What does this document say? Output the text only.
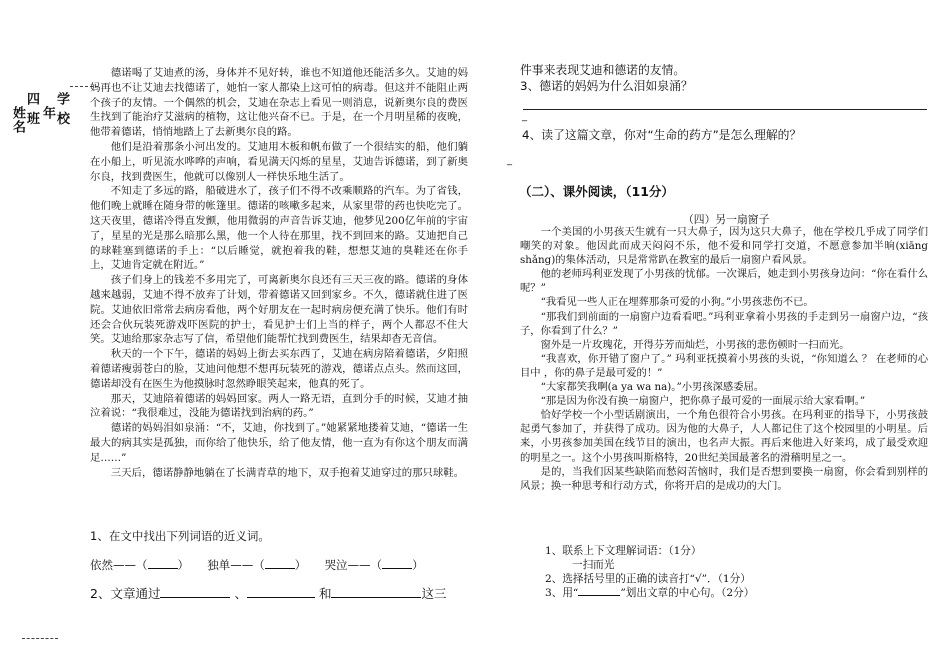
学 校
年
四 班
姓名

德诺喝了艾迪煮的汤，身体并不见好转，谁也不知道他还能活多久。艾迪的妈妈再也不让艾迪去找德诺了，她怕一家人都染上这可怕的病毒。但这并不能阻止两个孩子的友情。一个偶然的机会，艾迪在杂志上看见一则消息，说新奥尔良的费医生找到了能治疗艾滋病的植物，这让他兴奋不已。于是，在一个月明星稀的夜晚，他带着德诺，悄悄地踏上了去新奥尔良的路。

他们是沿着那条小河出发的。艾迪用木板和帆布做了一个很结实的船，他们躺在小船上，听见流水哗哗的声响，看见满天闪烁的星星，艾迪告诉德诺，到了新奥尔良，找到费医生，他就可以像别人一样快乐地生活了。

不知走了多远的路，船破进水了，孩子们不得不改乘顺路的汽车。为了省钱，他们晚上就睡在随身带的帐篷里。德诺的咳嗽多起来，从家里带的药也快吃完了。这天夜里，德诺冷得直发颤，他用微弱的声音告诉艾迪，他梦见200亿年前的宇宙了，星星的光是那么暗那么黑，他一个人待在那里，找不到回来的路。艾迪把自己的球鞋塞到德诺的手上：“以后睡觉，就抱着我的鞋，想想艾迪的臭鞋还在你手上，艾迪肯定就在附近。”

孩子们身上的钱差不多用完了，可离新奥尔良还有三天三夜的路。德诺的身体越来越弱，艾迪不得不放弃了计划，带着德诺又回到家乡。不久，德诺就住进了医院。艾迪依旧常常去病房看他，两个好朋友在一起时病房便充满了快乐。他们有时还会合伙玩装死游戏吓医院的护士，看见护士们上当的样子，两个人都忍不住大笑。艾迪给那家杂志写了信，希望他们能帮忙找到费医生，结果却杳无音信。

秋天的一个下午，德诺的妈妈上街去买东西了，艾迪在病房陪着德诺，夕阳照着德诺瘦弱苍白的脸，艾迪问他想不想再玩装死的游戏，德诺点点头。然而这回，德诺却没有在医生为他摸脉时忽然睁眼笑起来，他真的死了。

那天，艾迪陪着德诺的妈妈回家。两人一路无语，直到分手的时候，艾迪才抽泣着说：“我很难过，没能为德诺找到治病的药。”

德诺的妈妈泪如泉涌：“不，艾迪，你找到了。”她紧紧地搂着艾迪，“德诺一生最大的病其实是孤独，而你给了他快乐，给了他友情，他一直为有你这个朋友而满足……”

三天后，德诺静静地躺在了长满青草的地下，双手抱着艾迪穿过的那只球鞋。

1、在文中找出下列词语的近义词。
依然——（	） 独单——（	） 哭泣——（	）
2、文章通过	、	和	这三

件事来表现艾迪和德诺的友情。

3、德诺的妈妈为什么泪如泉涌？

_
4、读了这篇文章，你对“生命的药方”是怎么理解的？
_
（二）、课外阅读，（11分）
（四）另一扇窗子

一个美国的小男孩天生就有一只大鼻子，因为这只大鼻子，他在学校几乎成了同学们嘲笑的对象。他因此而成天闷闷不乐，他不爱和同学打交道，不愿意参加半晌(xiāng shǎng)的集体活动，只是常常趴在教室的最后一扇窗户看风景。

他的老师玛利亚发现了小男孩的忧郁。一次课后，她走到小男孩身边问：“你在看什么呢？”

“我看见一些人正在埋葬那条可爱的小狗。”小男孩悲伤不已。

“那我们到前面的一扇窗户边看看吧。”玛利亚拿着小男孩的手走到另一扇窗户边，“孩子，你看到了什么？”

窗外是一片玫瑰花，开得芬芳而灿烂，小男孩的悲伤顿时一扫而光。

“我喜欢，你开错了窗户了。” 玛利亚抚摸着小男孩的头说，“你知道么 ？ 在老师的心目中 ，你的鼻子是最可爱的！”

“大家都笑我啊(a ya wa na)。”小男孩深感委屈。

“那是因为你没有换一扇窗户，把你鼻子最可爱的一面展示给大家看啊。”

恰好学校一个小型话剧演出，一个角色很符合小男孩。在玛利亚的指导下，小男孩鼓起勇气参加了，并获得了成功。因为他的大鼻子，人人都记住了这个校园里的小明星。后来，小男孩参加美国在线节目的演出，也名声大振。再后来他进入好莱坞，成了最受欢迎的明星之一。这个小男孩叫斯格特，20世纪美国最著名的滑稽明星之一。

是的，当我们因某些缺陷而愁闷苦恼时，我们是否想到要换一扇窗，你会看到别样的风景；换一种思考和行动方式，你将开启的是成功的大门。

1、联系上下文理解词语：（1分）
一扫而光
2、选择括号里的正确的读音打“√”．（1分）
3、用“	”划出文章的中心句。（2分）
